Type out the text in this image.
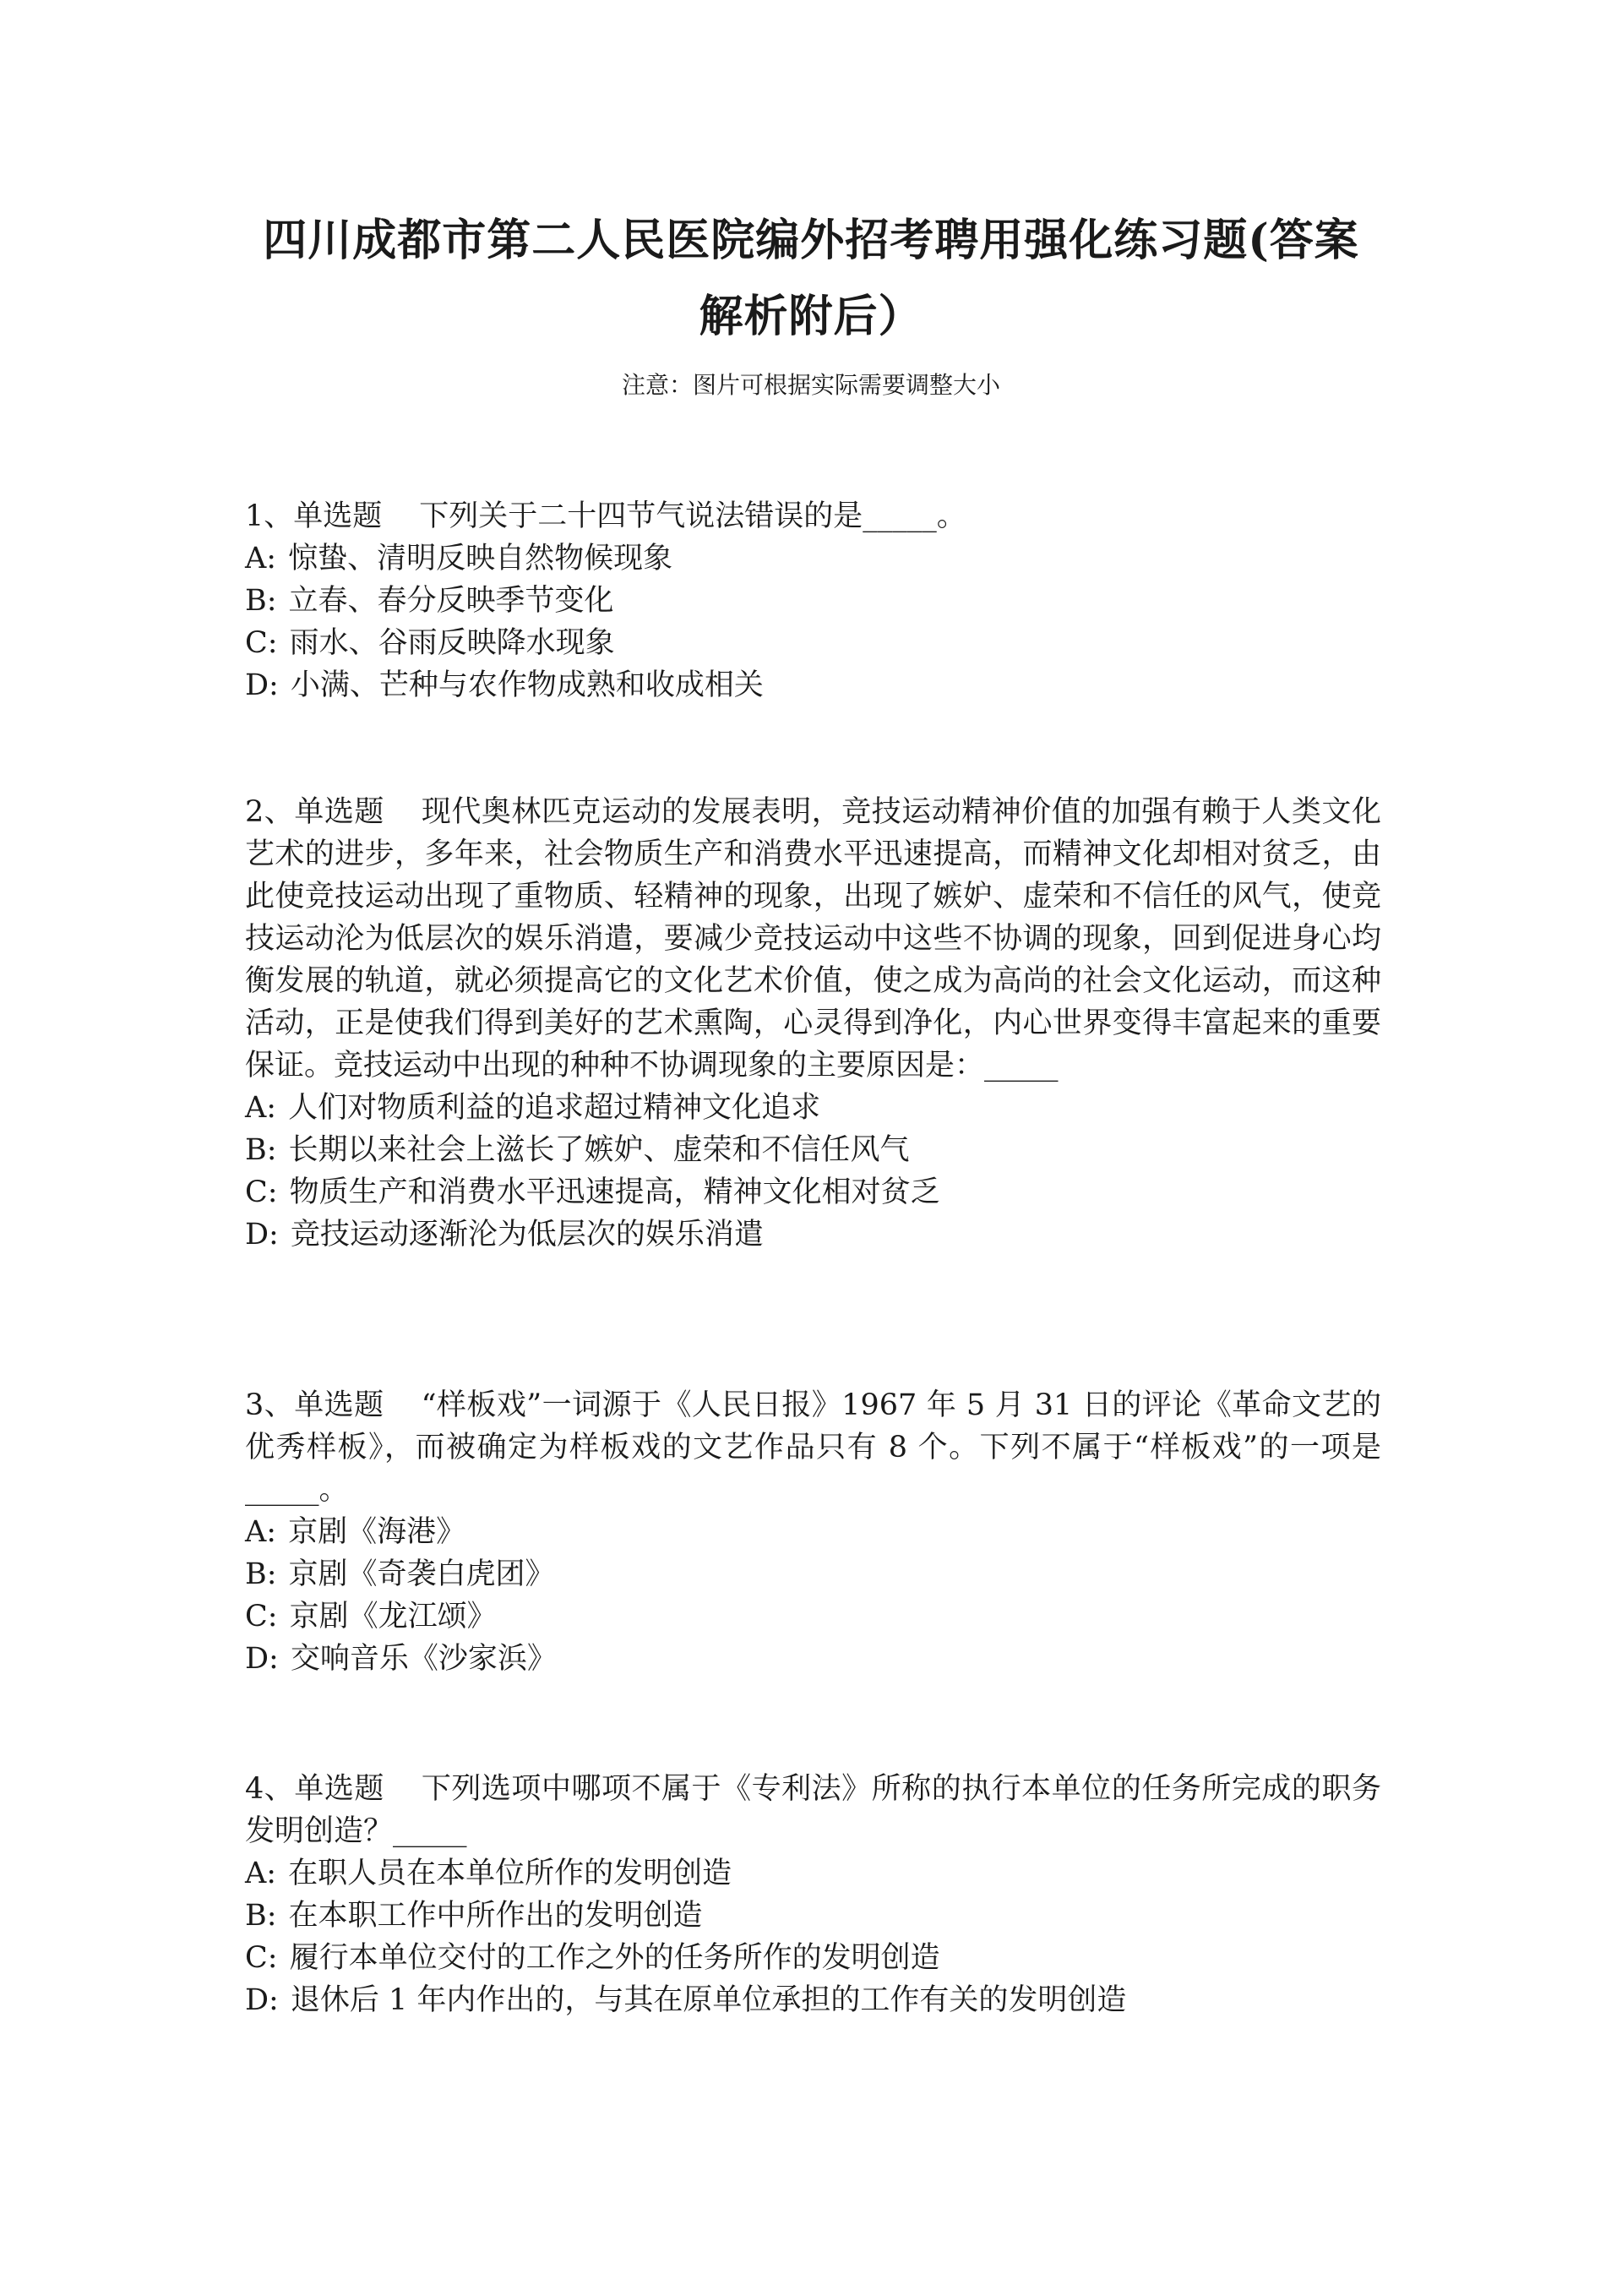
四川成都市第二人民医院编外招考聘用强化练习题(答案解析附后）

注意：图片可根据实际需要调整大小

1、单选题 下列关于二十四节气说法错误的是_____。

A: 惊蛰、清明反映自然物候现象
B: 立春、春分反映季节变化
C: 雨水、谷雨反映降水现象
D: 小满、芒种与农作物成熟和收成相关

2、单选题 现代奥林匹克运动的发展表明，竞技运动精神价值的加强有赖于人类文化艺术的进步，多年来，社会物质生产和消费水平迅速提高，而精神文化却相对贫乏，由此使竞技运动出现了重物质、轻精神的现象，出现了嫉妒、虚荣和不信任的风气，使竞技运动沦为低层次的娱乐消遣，要减少竞技运动中这些不协调的现象，回到促进身心均衡发展的轨道，就必须提高它的文化艺术价值，使之成为高尚的社会文化运动，而这种活动，正是使我们得到美好的艺术熏陶，心灵得到净化，内心世界变得丰富起来的重要保证。竞技运动中出现的种种不协调现象的主要原因是：_____

A: 人们对物质利益的追求超过精神文化追求
B: 长期以来社会上滋长了嫉妒、虚荣和不信任风气
C: 物质生产和消费水平迅速提高，精神文化相对贫乏
D: 竞技运动逐渐沦为低层次的娱乐消遣

3、单选题 “样板戏”一词源于《人民日报》1967 年 5 月 31 日的评论《革命文艺的优秀样板》，而被确定为样板戏的文艺作品只有 8 个。下列不属于“样板戏”的一项是_____。

A: 京剧《海港》
B: 京剧《奇袭白虎团》
C: 京剧《龙江颂》
D: 交响音乐《沙家浜》

4、单选题 下列选项中哪项不属于《专利法》所称的执行本单位的任务所完成的职务发明创造？_____

A: 在职人员在本单位所作的发明创造
B: 在本职工作中所作出的发明创造
C: 履行本单位交付的工作之外的任务所作的发明创造
D: 退休后 1 年内作出的，与其在原单位承担的工作有关的发明创造
